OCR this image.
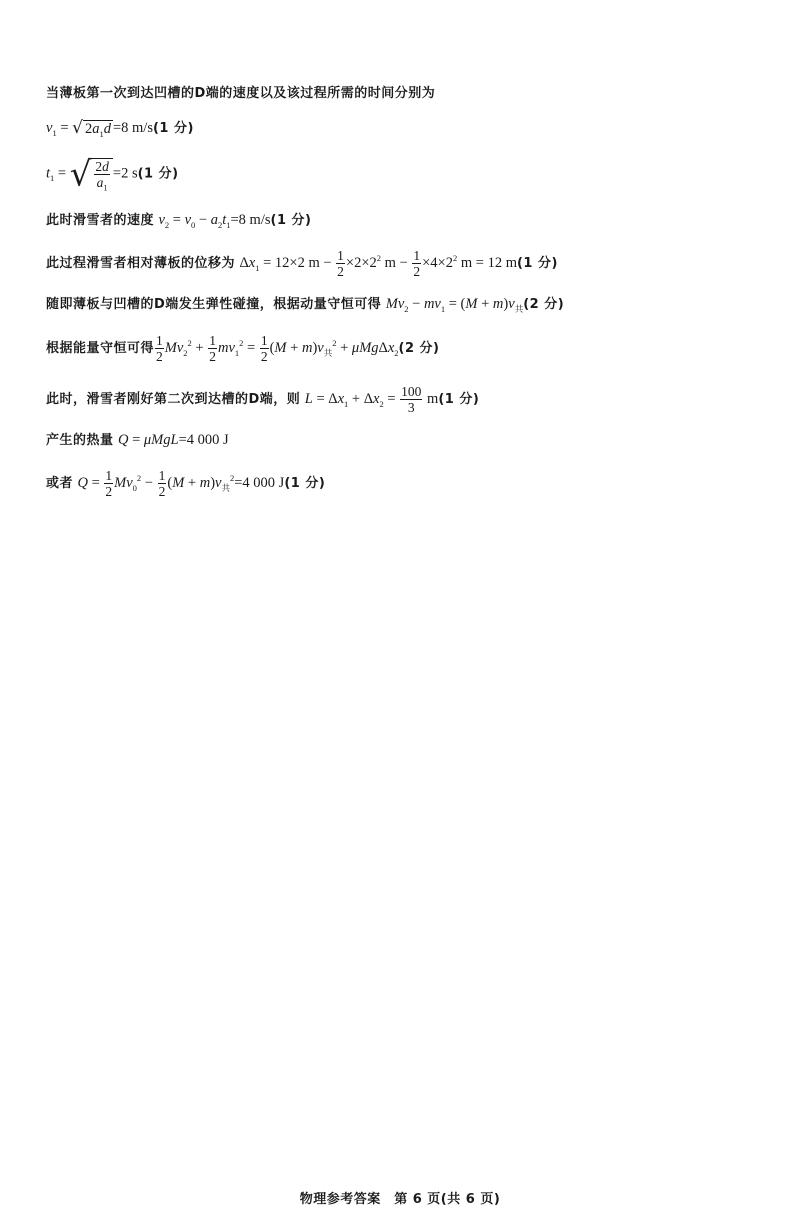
当薄板第一次到达凹槽的D端的速度以及该过程所需的时间分别为
$v_1$ = √ $2a_1d =8$ m/s(1 分)
$t_1$ = √ $\frac{2d}{a_1} =2$ s(1 分)
此时滑雪者的速度 $v_2 = v_0 - a_2t_1=8$ m/s(1 分)
此过程滑雪者相对薄板的位移为 $\Delta x_1 = 12\times 2$ $m - \frac{1}{2} \times 2\times 2^2$ $m - \frac{1}{2} \times 4\times 2^2$ m = 12 m(1 分)
随即薄板与凹槽的D端发生弹性碰撞，根据动量守恒可得 $Mv_2 - mv_1 = (M + m)v_共(2$ 分)
根据能量守恒可得 $\frac{1}{2} Mv_2^2 + \frac{1}{2} mv_1^2 = \frac{1}{2} (M + m)v_共^2 + \mu Mg\Delta x_2(2$ 分)
此时，滑雪者刚好第二次到达槽的D端，则 $L = \Delta x_1 + \Delta x_2 = \frac{100}{3} m(1$ 分)
产生的热量 Q = μMgL=4 000 J
或者 $Q = \frac{1}{2} Mv_0^2 - \frac{1}{2} (M + m)v_共^2=4$ 000 J(1 分)
物理参考答案　第 6 页(共 6 页)
